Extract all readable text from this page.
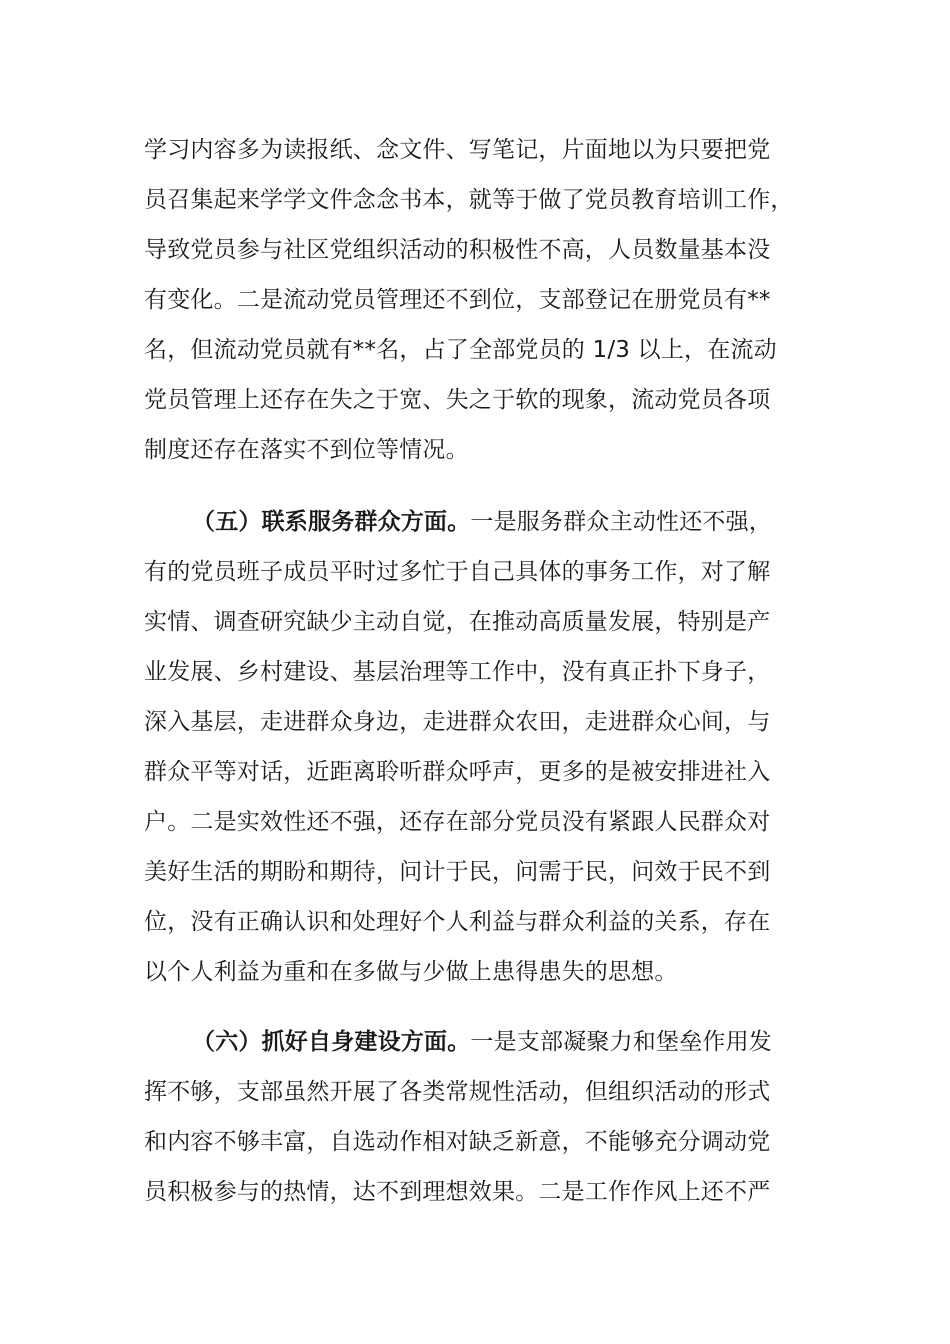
学习内容多为读报纸、念文件、写笔记，片面地以为只要把党
员召集起来学学文件念念书本，就等于做了党员教育培训工作，
导致党员参与社区党组织活动的积极性不高，人员数量基本没
有变化。二是流动党员管理还不到位，支部登记在册党员有**
名，但流动党员就有**名，占了全部党员的 1/3 以上，在流动
党员管理上还存在失之于宽、失之于软的现象，流动党员各项
制度还存在落实不到位等情况。
（五）联系服务群众方面。一是服务群众主动性还不强，
有的党员班子成员平时过多忙于自己具体的事务工作，对了解
实情、调查研究缺少主动自觉，在推动高质量发展，特别是产
业发展、乡村建设、基层治理等工作中，没有真正扑下身子，
深入基层，走进群众身边，走进群众农田，走进群众心间，与
群众平等对话，近距离聆听群众呼声，更多的是被安排进社入
户。二是实效性还不强，还存在部分党员没有紧跟人民群众对
美好生活的期盼和期待，问计于民，问需于民，问效于民不到
位，没有正确认识和处理好个人利益与群众利益的关系，存在
以个人利益为重和在多做与少做上患得患失的思想。
（六）抓好自身建设方面。一是支部凝聚力和堡垒作用发
挥不够，支部虽然开展了各类常规性活动，但组织活动的形式
和内容不够丰富，自选动作相对缺乏新意，不能够充分调动党
员积极参与的热情，达不到理想效果。二是工作作风上还不严
